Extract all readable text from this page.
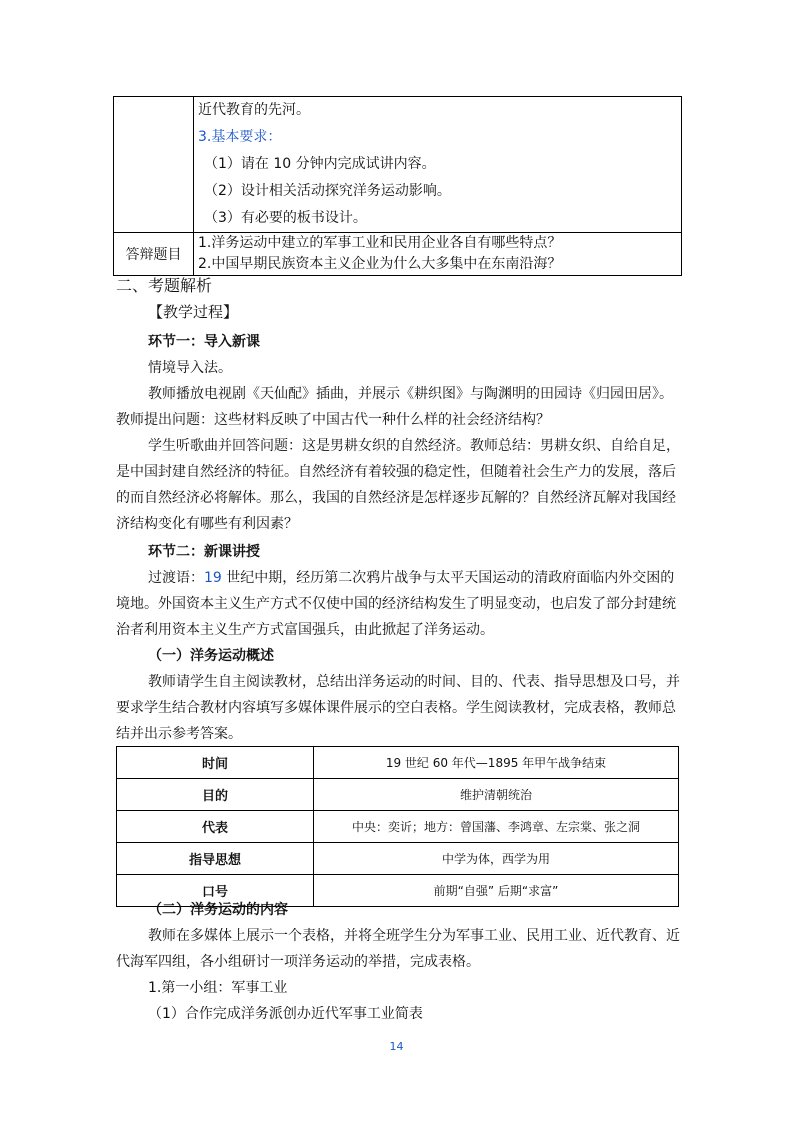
	近代教育的先河。
3.基本要求：
（1）请在 10 分钟内完成试讲内容。
（2）设计相关活动探究洋务运动影响。
（3）有必要的板书设计。

答辩题目	1.洋务运动中建立的军事工业和民用企业各自有哪些特点？
2.中国早期民族资本主义企业为什么大多集中在东南沿海？
二、考题解析
【教学过程】
环节一：导入新课
情境导入法。
教师播放电视剧《天仙配》插曲，并展示《耕织图》与陶渊明的田园诗《归园田居》。
教师提出问题：这些材料反映了中国古代一种什么样的社会经济结构？
学生听歌曲并回答问题：这是男耕女织的自然经济。教师总结：男耕女织、自给自足，
是中国封建自然经济的特征。自然经济有着较强的稳定性，但随着社会生产力的发展，落后
的而自然经济必将解体。那么，我国的自然经济是怎样逐步瓦解的？自然经济瓦解对我国经
济结构变化有哪些有利因素？
环节二：新课讲授
过渡语：19 世纪中期，经历第二次鸦片战争与太平天国运动的清政府面临内外交困的
境地。外国资本主义生产方式不仅使中国的经济结构发生了明显变动，也启发了部分封建统
治者利用资本主义生产方式富国强兵，由此掀起了洋务运动。
（一）洋务运动概述
教师请学生自主阅读教材，总结出洋务运动的时间、目的、代表、指导思想及口号，并
要求学生结合教材内容填写多媒体课件展示的空白表格。学生阅读教材，完成表格，教师总
结并出示参考答案。
时间	19 世纪 60 年代—1895 年甲午战争结束
目的	维护清朝统治
代表	中央：奕䜣；地方：曾国藩、李鸿章、左宗棠、张之洞
指导思想	中学为体，西学为用
口号	前期“自强” 后期“求富”
（二）洋务运动的内容
教师在多媒体上展示一个表格，并将全班学生分为军事工业、民用工业、近代教育、近
代海军四组，各小组研讨一项洋务运动的举措，完成表格。
1.第一小组：军事工业
（1）合作完成洋务派创办近代军事工业简表
14
